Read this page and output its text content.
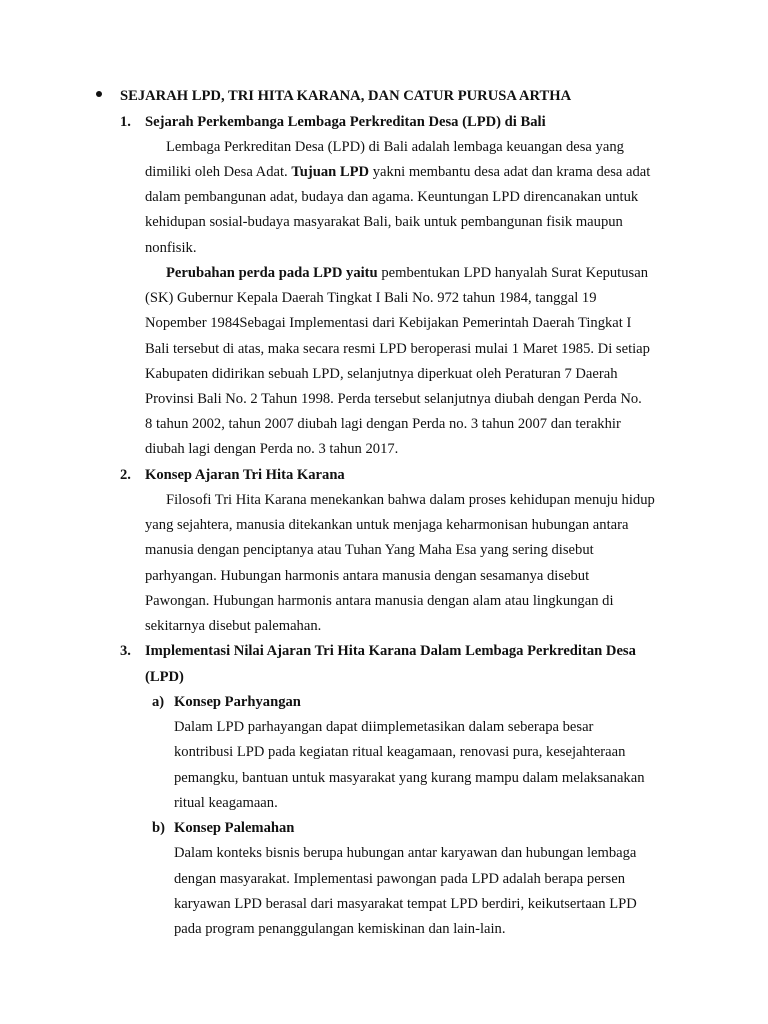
SEJARAH LPD, TRI HITA KARANA, DAN CATUR PURUSA ARTHA
1. Sejarah Perkembanga Lembaga Perkreditan Desa (LPD) di Bali
Lembaga Perkreditan Desa (LPD) di Bali adalah lembaga keuangan desa yang
dimiliki oleh Desa Adat. Tujuan LPD yakni membantu desa adat dan krama desa adat
dalam pembangunan adat, budaya dan agama. Keuntungan LPD direncanakan untuk
kehidupan sosial-budaya masyarakat Bali, baik untuk pembangunan fisik maupun
nonfisik.
Perubahan perda pada LPD yaitu pembentukan LPD hanyalah Surat Keputusan
(SK) Gubernur Kepala Daerah Tingkat I Bali No. 972 tahun 1984, tanggal 19
Nopember 1984Sebagai Implementasi dari Kebijakan Pemerintah Daerah Tingkat I
Bali tersebut di atas, maka secara resmi LPD beroperasi mulai 1 Maret 1985. Di setiap
Kabupaten didirikan sebuah LPD, selanjutnya diperkuat oleh Peraturan 7 Daerah
Provinsi Bali No. 2 Tahun 1998. Perda tersebut selanjutnya diubah dengan Perda No.
8 tahun 2002, tahun 2007 diubah lagi dengan Perda no. 3 tahun 2007 dan terakhir
diubah lagi dengan Perda no. 3 tahun 2017.
2. Konsep Ajaran Tri Hita Karana
Filosofi Tri Hita Karana menekankan bahwa dalam proses kehidupan menuju hidup
yang sejahtera, manusia ditekankan untuk menjaga keharmonisan hubungan antara
manusia dengan penciptanya atau Tuhan Yang Maha Esa yang sering disebut
parhyangan. Hubungan harmonis antara manusia dengan sesamanya disebut
Pawongan. Hubungan harmonis antara manusia dengan alam atau lingkungan di
sekitarnya disebut palemahan.
3. Implementasi Nilai Ajaran Tri Hita Karana Dalam Lembaga Perkreditan Desa
(LPD)
a) Konsep Parhyangan
Dalam LPD parhayangan dapat diimplemetasikan dalam seberapa besar
kontribusi LPD pada kegiatan ritual keagamaan, renovasi pura, kesejahteraan
pemangku, bantuan untuk masyarakat yang kurang mampu dalam melaksanakan
ritual keagamaan.
b) Konsep Palemahan
Dalam konteks bisnis berupa hubungan antar karyawan dan hubungan lembaga
dengan masyarakat. Implementasi pawongan pada LPD adalah berapa persen
karyawan LPD berasal dari masyarakat tempat LPD berdiri, keikutsertaan LPD
pada program penanggulangan kemiskinan dan lain-lain.
